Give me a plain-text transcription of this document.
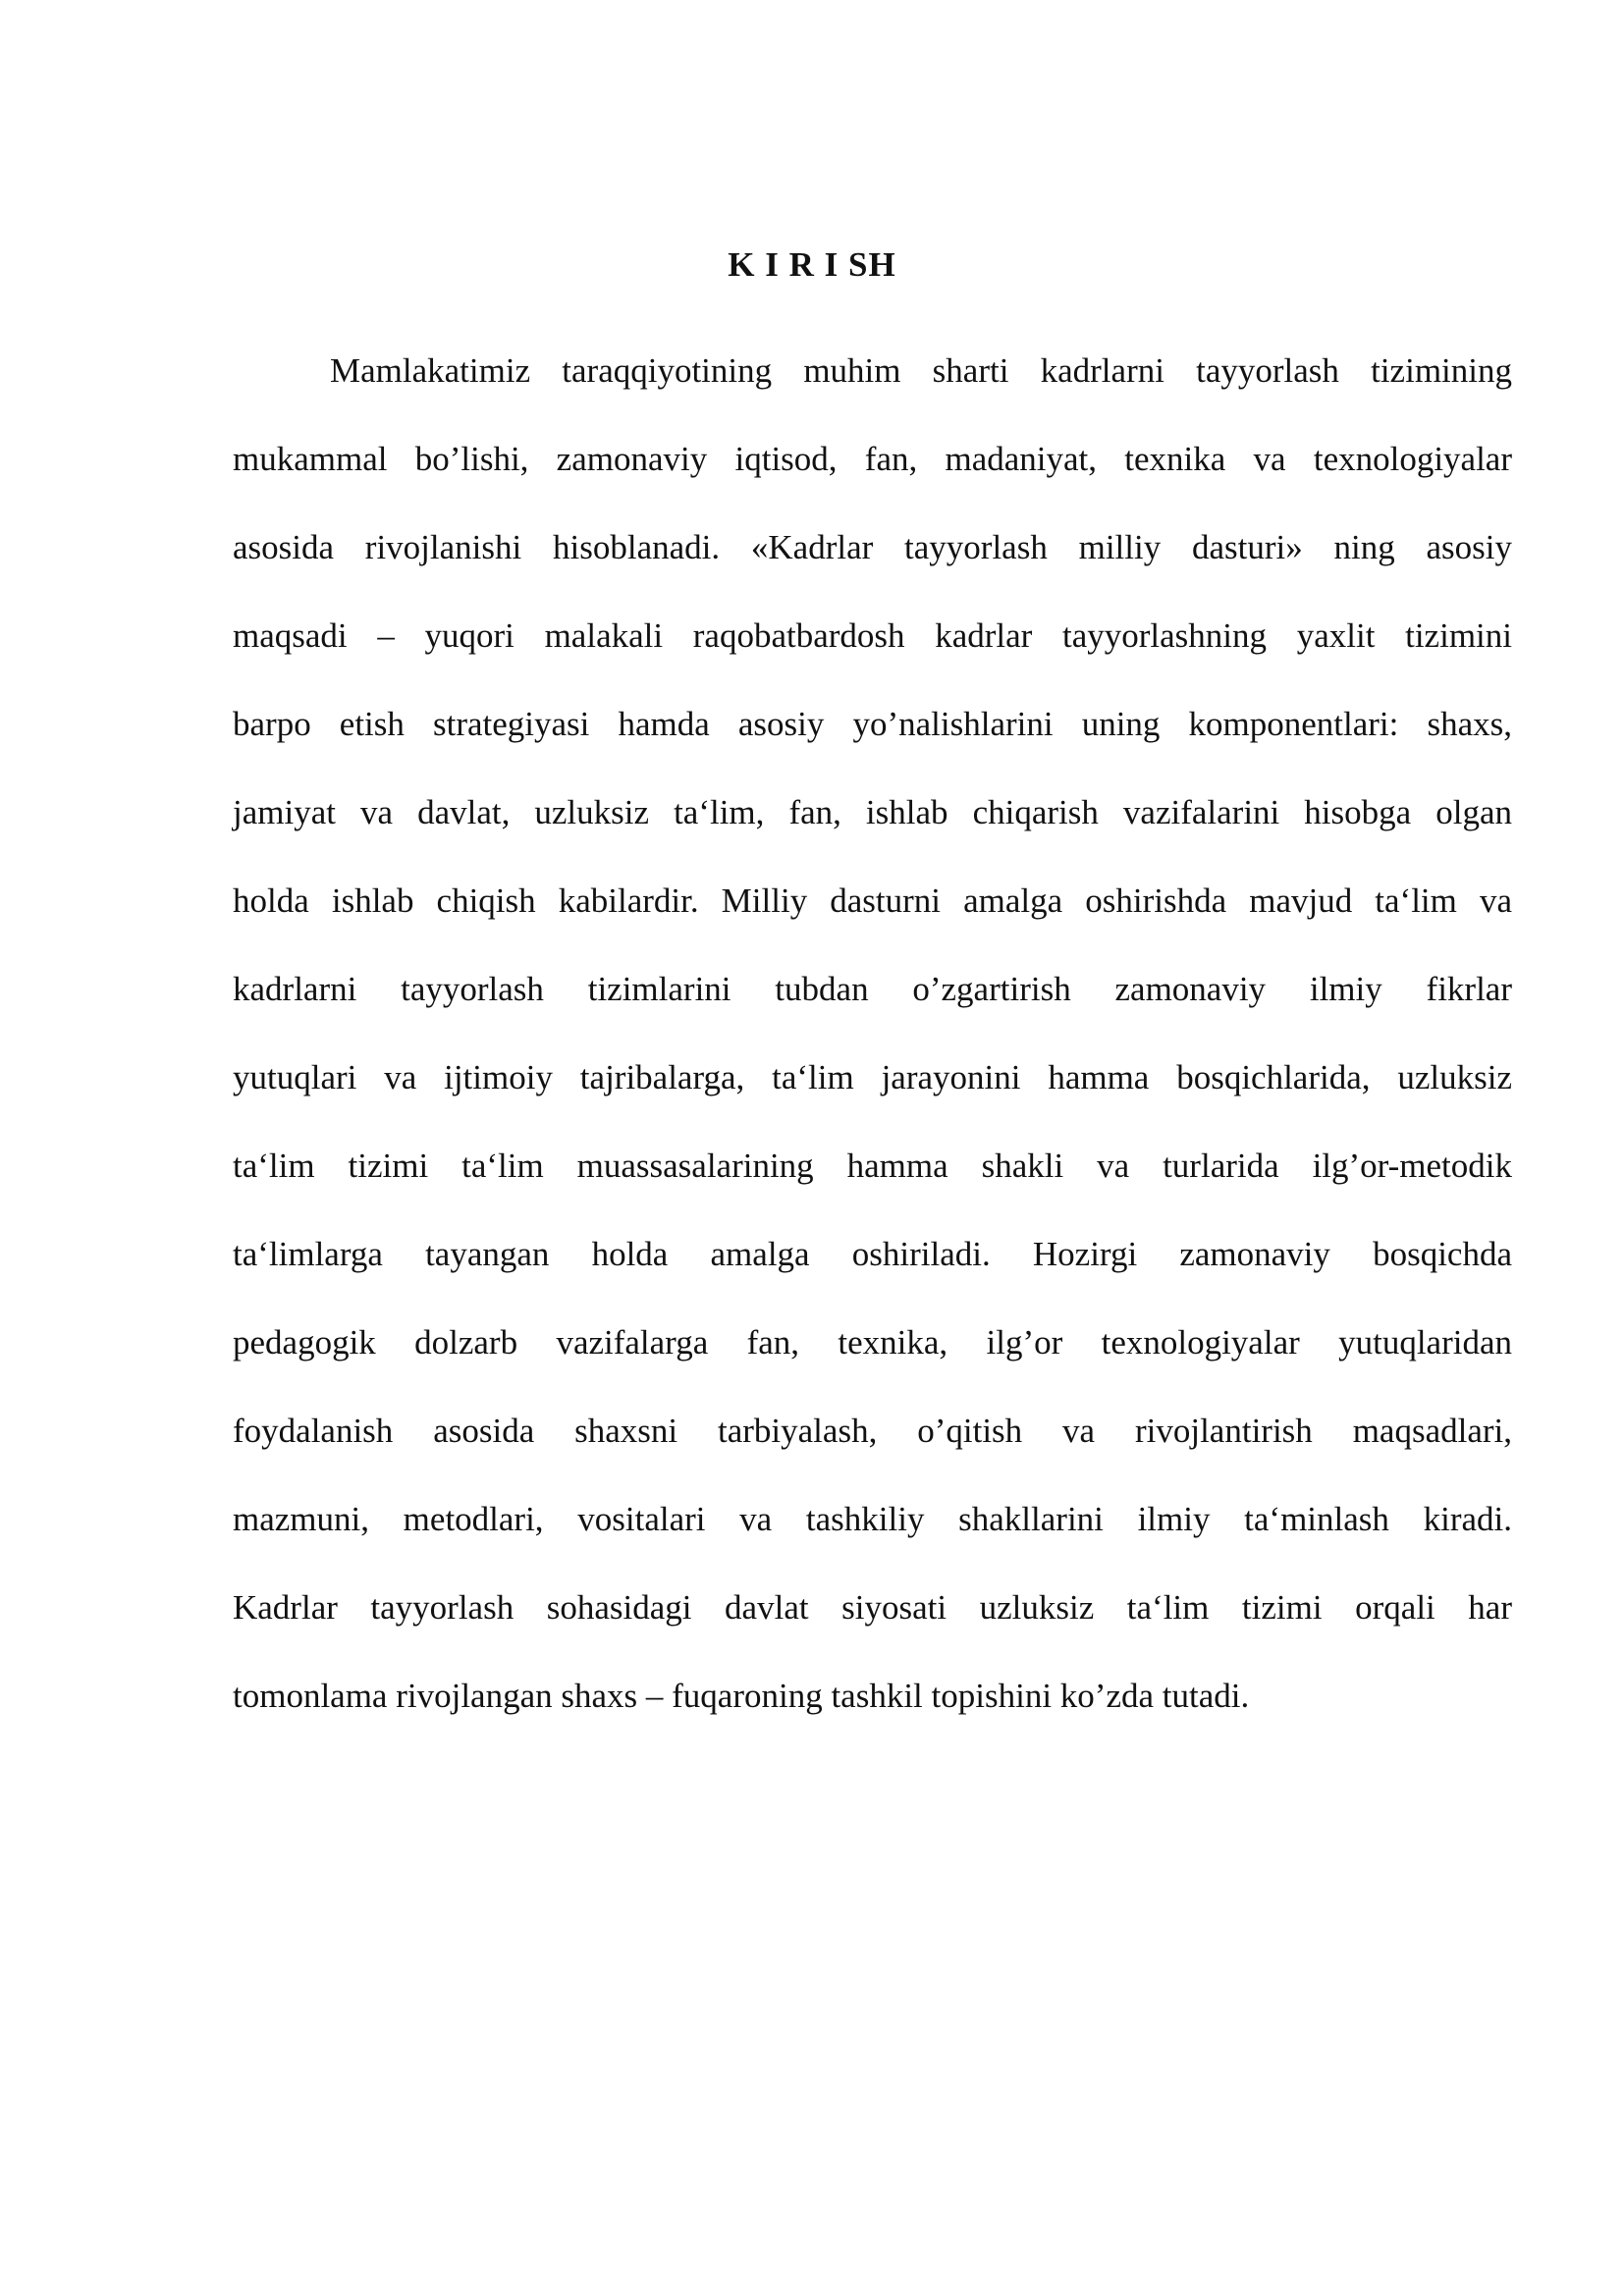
K I R I SH
Mamlakatimiz taraqqiyotining muhim sharti kadrlarni tayyorlash tizimining
mukammal bo’lishi, zamonaviy iqtisod, fan, madaniyat, texnika va texnologiyalar
asosida rivojlanishi hisoblanadi. «Kadrlar tayyorlash milliy dasturi» ning asosiy
maqsadi – yuqori malakali raqobatbardosh kadrlar tayyorlashning yaxlit tizimini
barpo etish strategiyasi hamda asosiy yo’nalishlarini uning komponentlari: shaxs,
jamiyat va davlat, uzluksiz ta‘lim, fan, ishlab chiqarish vazifalarini hisobga olgan
holda ishlab chiqish kabilardir. Milliy dasturni amalga oshirishda mavjud ta‘lim va
kadrlarni tayyorlash tizimlarini tubdan o’zgartirish zamonaviy ilmiy fikrlar
yutuqlari va ijtimoiy tajribalarga, ta‘lim jarayonini hamma bosqichlarida, uzluksiz
ta‘lim tizimi ta‘lim muassasalarining hamma shakli va turlarida ilg’or-metodik
ta‘limlarga tayangan holda amalga oshiriladi. Hozirgi zamonaviy bosqichda
pedagogik dolzarb vazifalarga fan, texnika, ilg’or texnologiyalar yutuqlaridan
foydalanish asosida shaxsni tarbiyalash, o’qitish va rivojlantirish maqsadlari,
mazmuni, metodlari, vositalari va tashkiliy shakllarini ilmiy ta‘minlash kiradi.
Kadrlar tayyorlash sohasidagi davlat siyosati uzluksiz ta‘lim tizimi orqali har
tomonlama rivojlangan shaxs – fuqaroning tashkil topishini ko’zda tutadi.
